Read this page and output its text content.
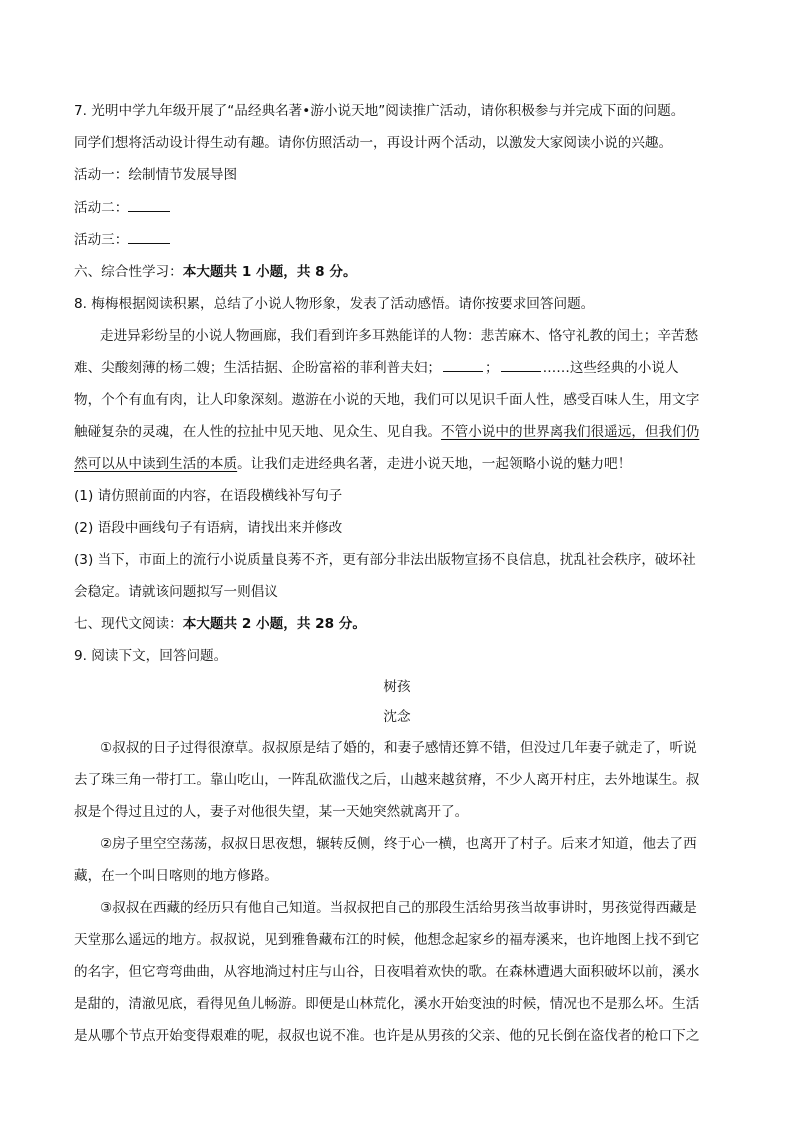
7. 光明中学九年级开展了“品经典名著•游小说天地”阅读推广活动，请你积极参与并完成下面的问题。
同学们想将活动设计得生动有趣。请你仿照活动一，再设计两个活动，以激发大家阅读小说的兴趣。
活动一：绘制情节发展导图
活动二：
活动三：
六、综合性学习：本大题共 1 小题，共 8 分。
8. 梅梅根据阅读积累，总结了小说人物形象，发表了活动感悟。请你按要求回答问题。
走进异彩纷呈的小说人物画廊，我们看到许多耳熟能详的人物：悲苦麻木、恪守礼教的闰土；辛苦愁
难、尖酸刻薄的杨二嫂；生活拮据、企盼富裕的菲利普夫妇；	；	……这些经典的小说人
物，个个有血有肉，让人印象深刻。遨游在小说的天地，我们可以见识千面人性，感受百味人生，用文字
触碰复杂的灵魂，在人性的拉扯中见天地、见众生、见自我。不管小说中的世界离我们很遥远，但我们仍
然可以从中读到生活的本质。让我们走进经典名著，走进小说天地，一起领略小说的魅力吧！
(1) 请仿照前面的内容，在语段横线补写句子
(2) 语段中画线句子有语病，请找出来并修改
(3) 当下，市面上的流行小说质量良莠不齐，更有部分非法出版物宣扬不良信息，扰乱社会秩序，破坏社
会稳定。请就该问题拟写一则倡议
七、现代文阅读：本大题共 2 小题，共 28 分。
9. 阅读下文，回答问题。
树孩
沈念
①叔叔的日子过得很潦草。叔叔原是结了婚的，和妻子感情还算不错，但没过几年妻子就走了，听说
去了珠三角一带打工。靠山吃山，一阵乱砍滥伐之后，山越来越贫瘠，不少人离开村庄，去外地谋生。叔
叔是个得过且过的人，妻子对他很失望，某一天她突然就离开了。
②房子里空空荡荡，叔叔日思夜想，辗转反侧，终于心一横，也离开了村子。后来才知道，他去了西
藏，在一个叫日喀则的地方修路。
③叔叔在西藏的经历只有他自己知道。当叔叔把自己的那段生活给男孩当故事讲时，男孩觉得西藏是
天堂那么遥远的地方。叔叔说，见到雅鲁藏布江的时候，他想念起家乡的福寿溪来，也许地图上找不到它
的名字，但它弯弯曲曲，从容地淌过村庄与山谷，日夜唱着欢快的歌。在森林遭遇大面积破坏以前，溪水
是甜的，清澈见底，看得见鱼儿畅游。即便是山林荒化，溪水开始变浊的时候，情况也不是那么坏。生活
是从哪个节点开始变得艰难的呢，叔叔也说不准。也许是从男孩的父亲、他的兄长倒在盗伐者的枪口下之
